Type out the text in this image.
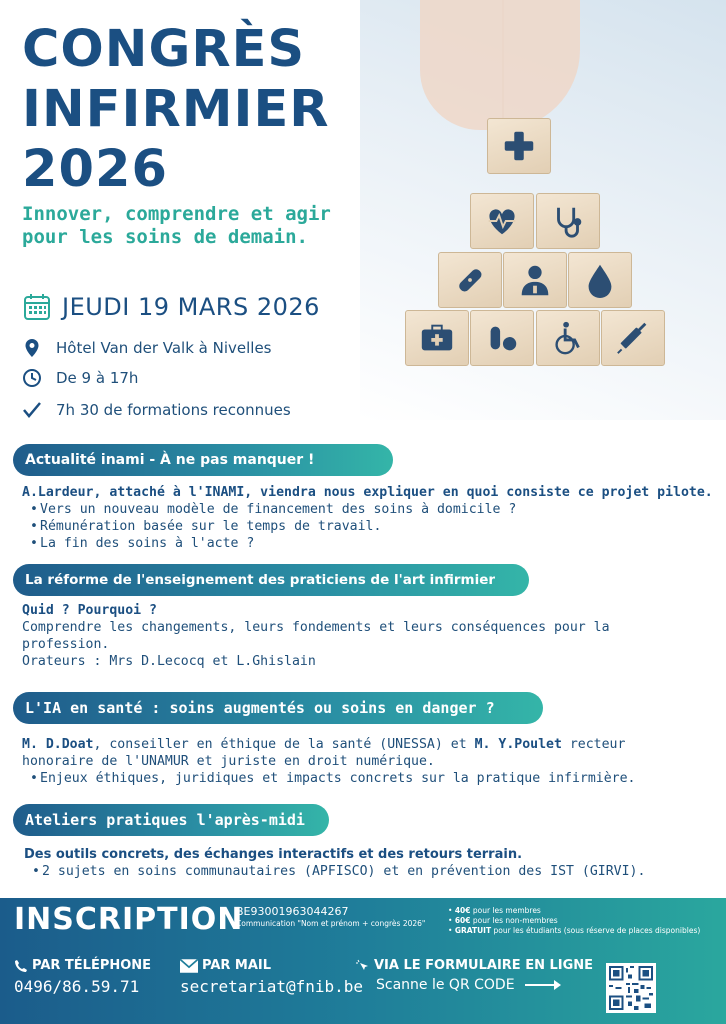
CONGRÈS
INFIRMIER
2026
Innover, comprendre et agir pour les soins de demain.
JEUDI 19 MARS 2026
Hôtel Van der Valk à Nivelles
De 9 à 17h
7h 30 de formations reconnues
Actualité inami - À ne pas manquer !
A.Lardeur, attaché à l'INAMI, viendra nous expliquer en quoi consiste ce projet pilote.
• Vers un nouveau modèle de financement des soins à domicile ?
• Rémunération basée sur le temps de travail.
• La fin des soins à l'acte ?
La réforme de l'enseignement des praticiens de l'art infirmier
Quid ? Pourquoi ?
Comprendre les changements, leurs fondements et leurs conséquences pour la profession.
Orateurs : Mrs D.Lecocq et L.Ghislain
L'IA en santé : soins augmentés ou soins en danger ?
M. D.Doat, conseiller en éthique de la santé (UNESSA) et M. Y.Poulet recteur honoraire de l'UNAMUR et juriste en droit numérique.
• Enjeux éthiques, juridiques et impacts concrets sur la pratique infirmière.
Ateliers pratiques l'après-midi
Des outils concrets, des échanges interactifs et des retours terrain.
• 2 sujets en soins communautaires (APFISCO) et en prévention des IST (GIRVI).
INSCRIPTION
BE93001963044267
Communication "Nom et prénom + congrès 2026"
• 40€ pour les membres
• 60€ pour les non-membres
• GRATUIT pour les étudiants (sous réserve de places disponibles)
PAR TÉLÉPHONE
0496/86.59.71
PAR MAIL
secretariat@fnib.be
VIA LE FORMULAIRE EN LIGNE
Scanne le QR CODE
